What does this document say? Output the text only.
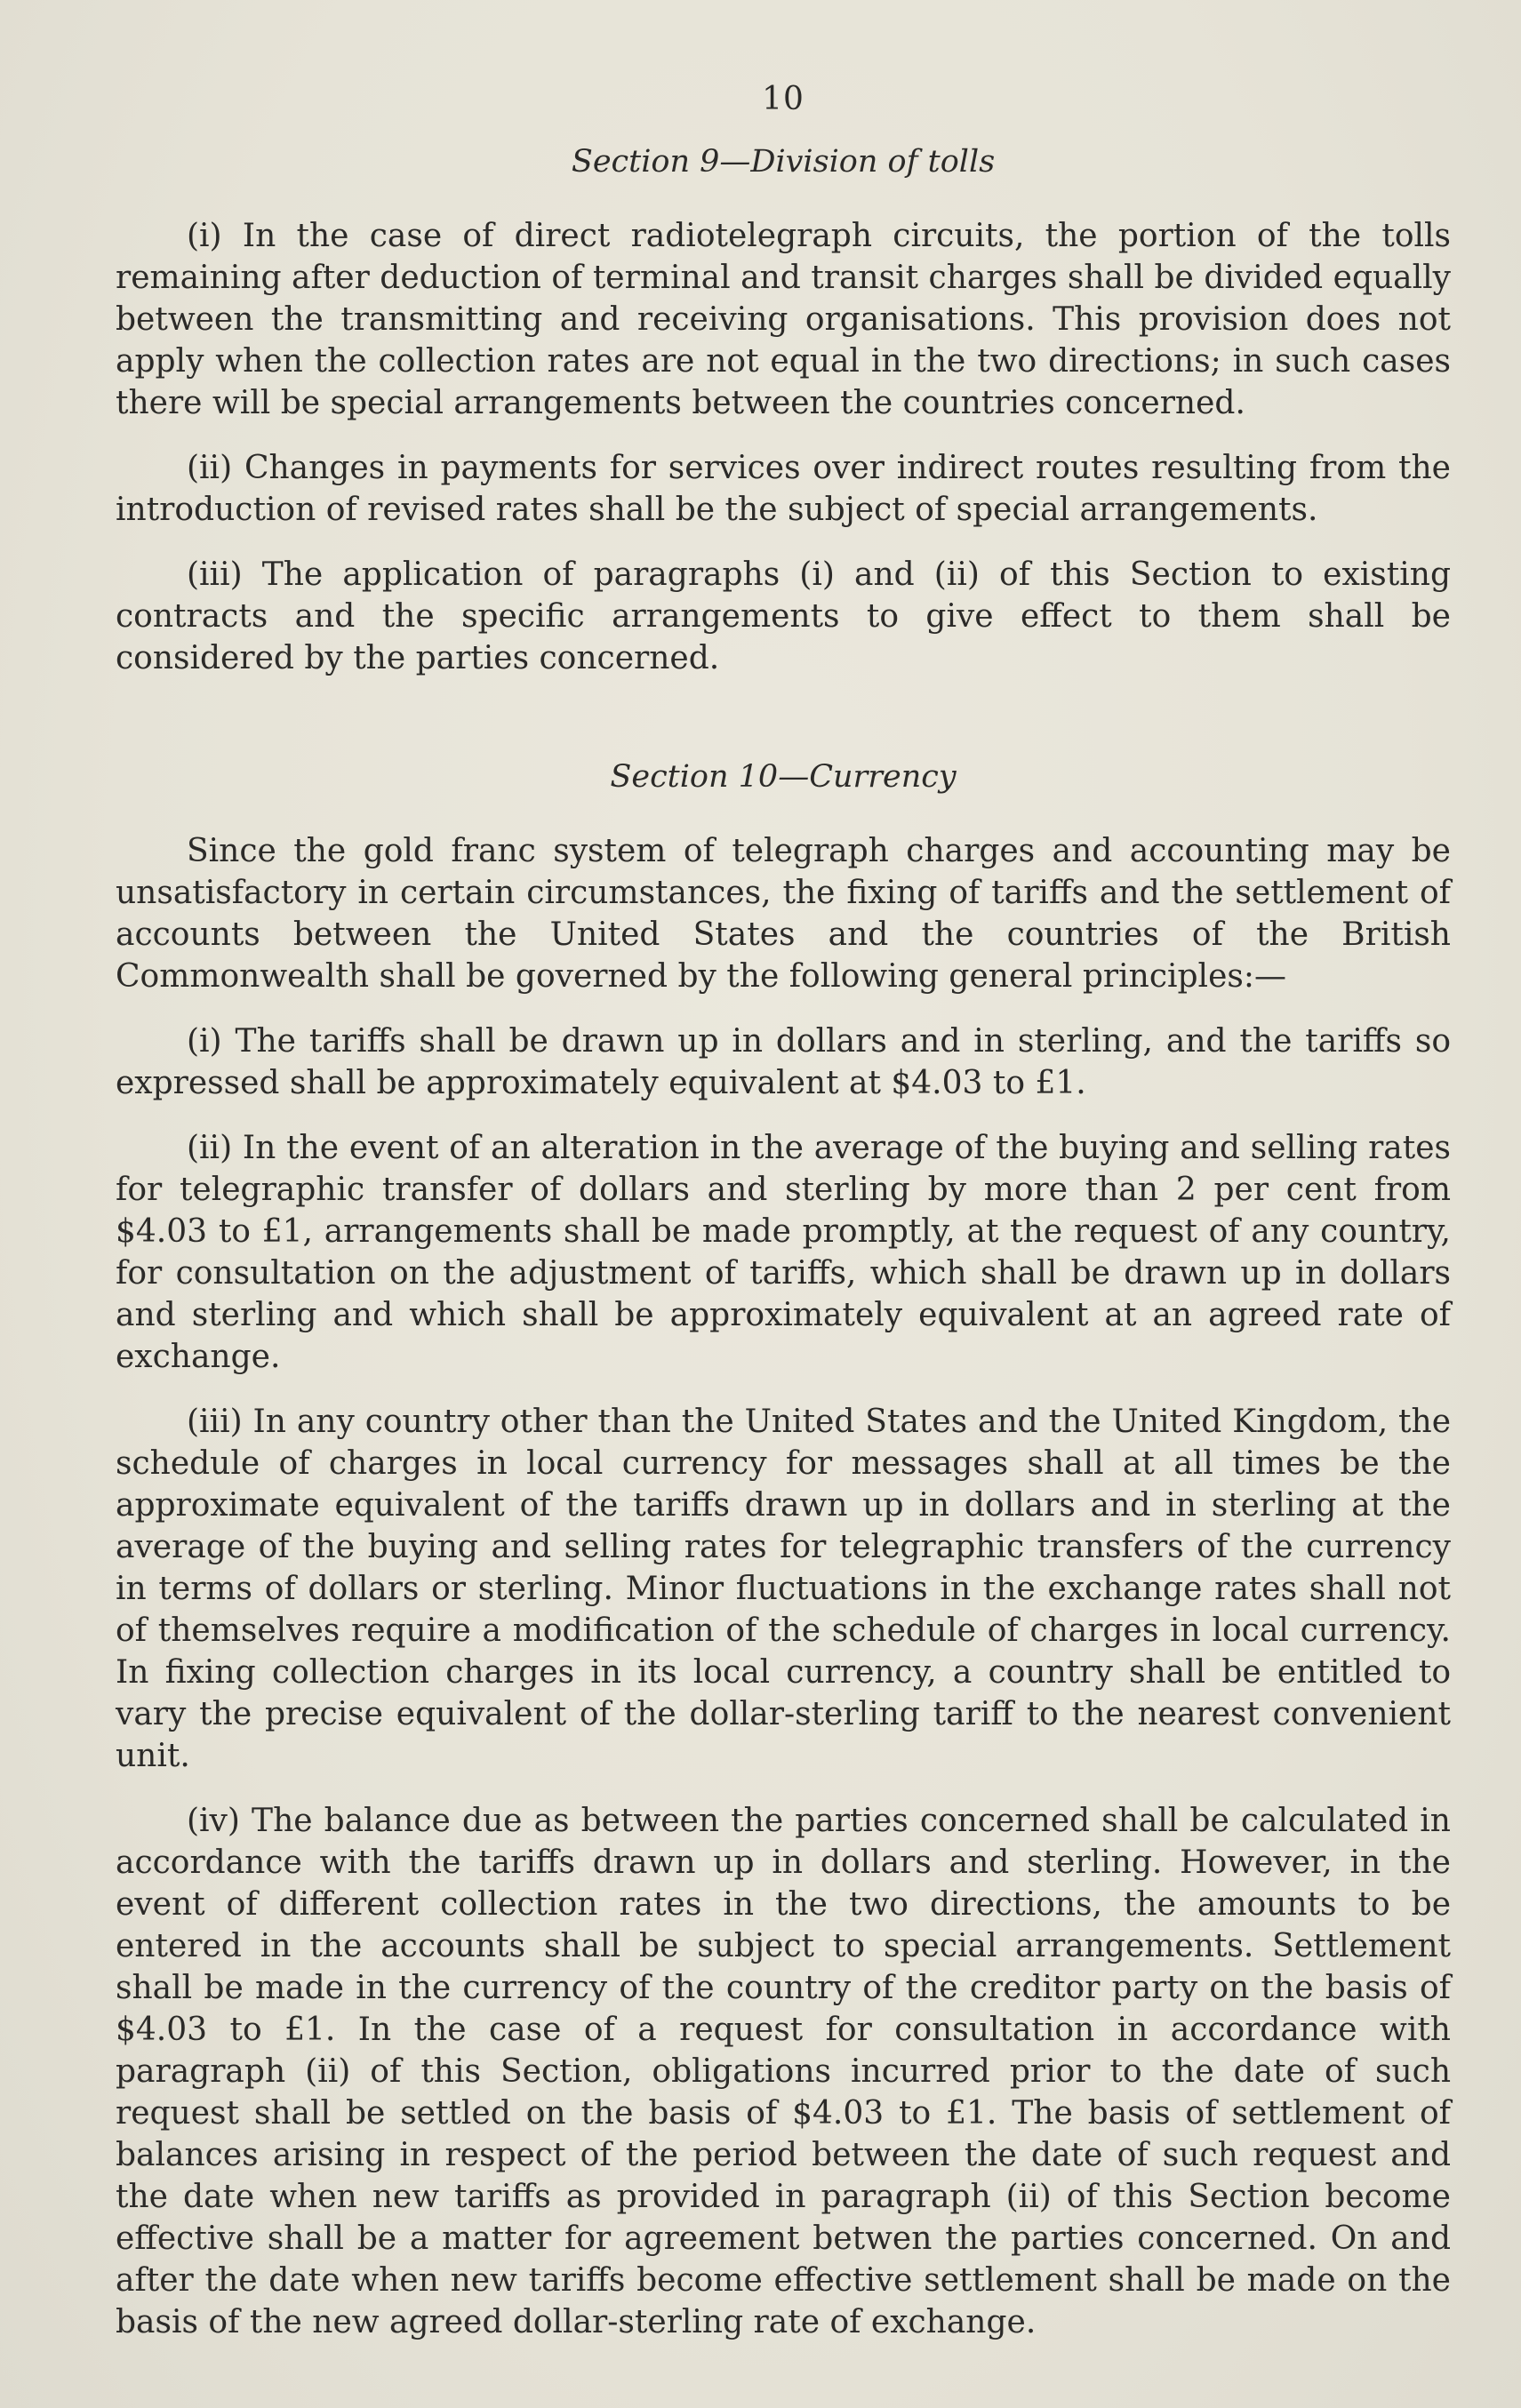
10
Section 9—Division of tolls

(i) In the case of direct radiotelegraph circuits, the portion of the tolls remaining after deduction of terminal and transit charges shall be divided equally between the transmitting and receiving organisations. This provision does not apply when the collection rates are not equal in the two directions; in such cases there will be special arrangements between the countries concerned.

(ii) Changes in payments for services over indirect routes resulting from the introduction of revised rates shall be the subject of special arrangements.

(iii) The application of paragraphs (i) and (ii) of this Section to existing contracts and the specific arrangements to give effect to them shall be considered by the parties concerned.

Section 10—Currency

Since the gold franc system of telegraph charges and accounting may be unsatisfactory in certain circumstances, the fixing of tariffs and the settlement of accounts between the United States and the countries of the British Commonwealth shall be governed by the following general principles:—

(i) The tariffs shall be drawn up in dollars and in sterling, and the tariffs so expressed shall be approximately equivalent at $4.03 to £1.

(ii) In the event of an alteration in the average of the buying and selling rates for telegraphic transfer of dollars and sterling by more than 2 per cent from $4.03 to £1, arrangements shall be made promptly, at the request of any country, for consultation on the adjustment of tariffs, which shall be drawn up in dollars and sterling and which shall be approximately equivalent at an agreed rate of exchange.

(iii) In any country other than the United States and the United Kingdom, the schedule of charges in local currency for messages shall at all times be the approximate equivalent of the tariffs drawn up in dollars and in sterling at the average of the buying and selling rates for telegraphic transfers of the currency in terms of dollars or sterling. Minor fluctuations in the exchange rates shall not of themselves require a modification of the schedule of charges in local currency. In fixing collection charges in its local currency, a country shall be entitled to vary the precise equivalent of the dollar-sterling tariff to the nearest convenient unit.

(iv) The balance due as between the parties concerned shall be calculated in accordance with the tariffs drawn up in dollars and sterling. However, in the event of different collection rates in the two directions, the amounts to be entered in the accounts shall be subject to special arrangements. Settlement shall be made in the currency of the country of the creditor party on the basis of $4.03 to £1. In the case of a request for consultation in accordance with paragraph (ii) of this Section, obligations incurred prior to the date of such request shall be settled on the basis of $4.03 to £1. The basis of settlement of balances arising in respect of the period between the date of such request and the date when new tariffs as provided in paragraph (ii) of this Section become effective shall be a matter for agreement betwen the parties concerned. On and after the date when new tariffs become effective settlement shall be made on the basis of the new agreed dollar-sterling rate of exchange.
